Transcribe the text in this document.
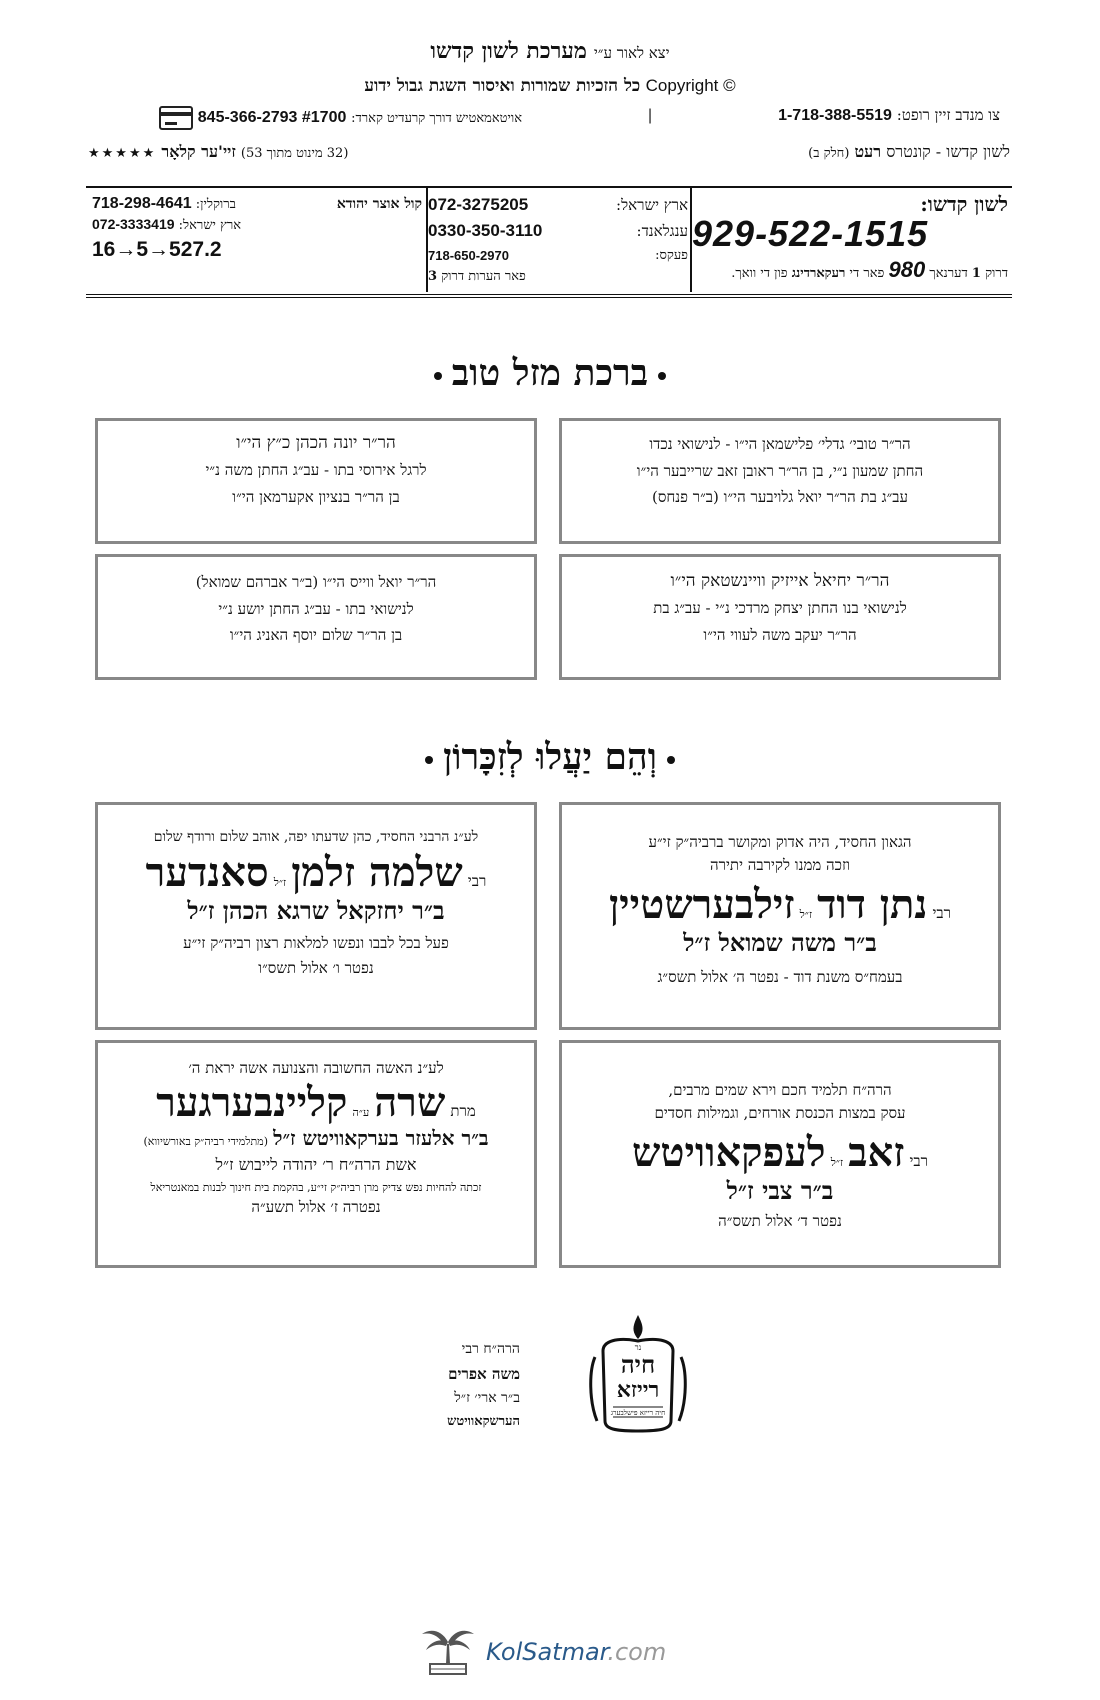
יצא לאור ע״י מערכת לשון קדשו
כל הזכיות שמורות ואיסור השגת גבול ידוע Copyright ©
צו מנדב זיין רופט: 1-718-388-5519
|
אויטאמאטיש דורך קרעדיט קארד: 845-366-2793 #1700
לשון קדשו - קונטרס רעט (חלק ב)
(32 מינוט מתוך 53) זיי'ער קלאָר ★★★★★
לשון קדשו:
929-522-1515
דרוק 1 דערנאך 980 פאר די רעקארדינג פון די וואך.
ארץ ישראל:
072-3275205
ענגלאנד:
0330-350-3110
פעקס:
718-650-2970
פאר הערות דרוק 3
קול אוצר יהודא
ברוקלין: 718-298-4641
ארץ ישראל: 072-3333419
16→5→527.2
ברכת מזל טוב
הר״ר טובי׳ גדלי׳ פלישמאן הי״ו - לנישואי נכדו
החתן שמעון נ״י, בן הר״ר ראובן זאב שרייבער הי״ו
עב״ג בת הר״ר יואל גלויבער הי״ו (ב״ר פנחס)
הר״ר יונה הכהן כ״ץ הי״ו
לרגל אירוסי בתו - עב״ג החתן משה נ״י
בן הר״ר בנציון אקערמאן הי״ו
הר״ר יחיאל אייזיק וויינשטאק הי״ו
לנישואי בנו החתן יצחק מרדכי נ״י - עב״ג בת
הר״ר יעקב משה לעווי הי״ו
הר״ר יואל ווייס הי״ו (ב״ר אברהם שמואל)
לנישואי בתו - עב״ג החתן יושע נ״י
בן הר״ר שלום יוסף האניג הי״ו
וְהֵם יַעֲלוּ לְזִכָּרוֹן
הגאון החסיד, היה אדוק ומקושר ברביה״ק זי״ע
וזכה ממנו לקירבה יתירה
רבי נתן דוד ז״ל זילבערשטיין
ב״ר משה שמואל ז״ל
בעמח״ס משנת דוד - נפטר ה׳ אלול תשס״ג
לע״נ הרבני החסיד, כהן שדעתו יפה, אוהב שלום ורודף שלום
רבי שלמה זלמן ז״ל סאנדער
ב״ר יחזקאל שרגא הכהן ז״ל
פעל בכל לבבו ונפשו למלאות רצון רביה״ק זי״ע
נפטר ו׳ אלול תשס״ו
הרה״ח תלמיד חכם וירא שמים מרבים,
עסק במצות הכנסת אורחים, וגמילות חסדים
רבי זאב ז״ל לעפקאוויטש
ב״ר צבי ז״ל
נפטר ד׳ אלול תשס״ה
לע״נ האשה החשובה והצנועה אשה יראת ה׳
מרת שרה ע״ה קליינבערגער
ב״ר אלעזר בערקאוויטש ז״ל (מתלמידי רביה״ק באורשיווא)
אשת הרה״ח ר׳ יהודה לייבוש ז״ל
זכתה להחיות נפש צדיק מרן רביה״ק זי״ע, בהקמת בית חינוך לבנות במאנטריאל
נפטרה ז׳ אלול תשע״ה
נר
חיה
רייזא
חיה רייזא פישלבערג
הרה״ח רבי
משה אפרים
ב״ר ארי׳ ז״ל
הערשקאוויטש
KolSatmar.com
